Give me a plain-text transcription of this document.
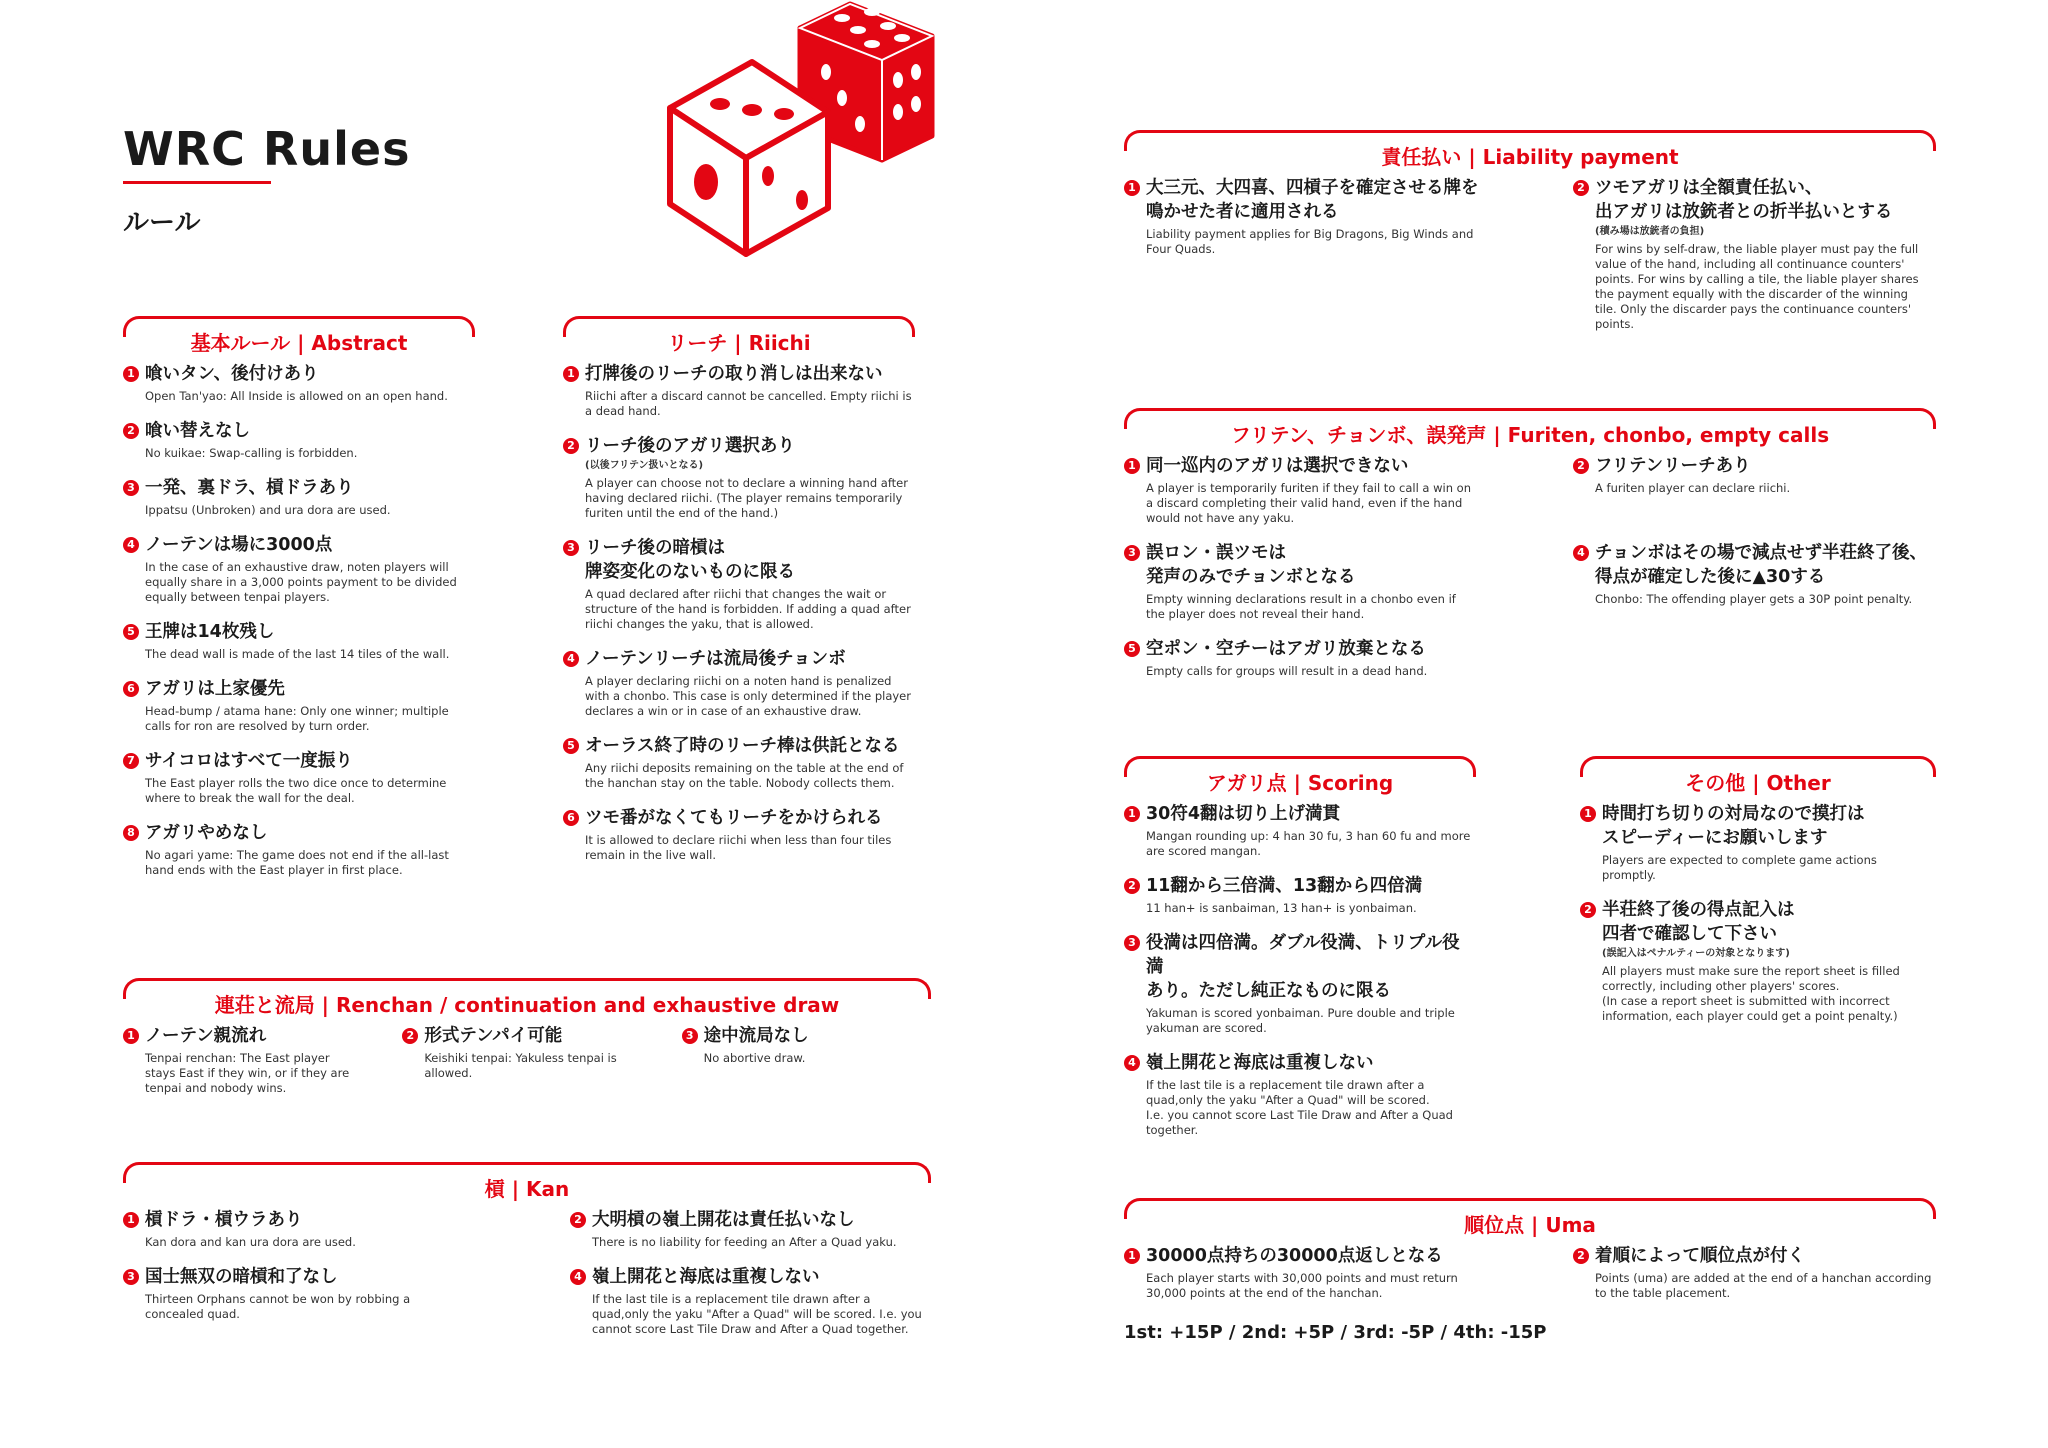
WRC Rules
ルール
基本ルール | Abstract
1 喰いタン、後付けあり
Open Tan'yao: All Inside is allowed on an open hand.
2 喰い替えなし
No kuikae: Swap-calling is forbidden.
3 一発、裏ドラ、槓ドラあり
Ippatsu (Unbroken) and ura dora are used.
4 ノーテンは場に3000点
In the case of an exhaustive draw, noten players will
equally share in a 3,000 points payment to be divided
equally between tenpai players.
5 王牌は14枚残し
The dead wall is made of the last 14 tiles of the wall.
6 アガリは上家優先
Head-bump / atama hane: Only one winner; multiple
calls for ron are resolved by turn order.
7 サイコロはすべて一度振り
The East player rolls the two dice once to determine
where to break the wall for the deal.
8 アガリやめなし
No agari yame: The game does not end if the all-last
hand ends with the East player in first place.
リーチ | Riichi
1 打牌後のリーチの取り消しは出来ない
Riichi after a discard cannot be cancelled. Empty riichi is
a dead hand.
2 リーチ後のアガリ選択あり
(以後フリテン扱いとなる)
A player can choose not to declare a winning hand after
having declared riichi. (The player remains temporarily
furiten until the end of the hand.)
3 リーチ後の暗槓は
牌姿変化のないものに限る
A quad declared after riichi that changes the wait or
structure of the hand is forbidden. If adding a quad after
riichi changes the yaku, that is allowed.
4 ノーテンリーチは流局後チョンボ
A player declaring riichi on a noten hand is penalized
with a chonbo. This case is only determined if the player
declares a win or in case of an exhaustive draw.
5 オーラス終了時のリーチ棒は供託となる
Any riichi deposits remaining on the table at the end of
the hanchan stay on the table. Nobody collects them.
6 ツモ番がなくてもリーチをかけられる
It is allowed to declare riichi when less than four tiles
remain in the live wall.
連荘と流局 | Renchan / continuation and exhaustive draw
1 ノーテン親流れ
Tenpai renchan: The East player
stays East if they win, or if they are
tenpai and nobody wins.
2 形式テンパイ可能
Keishiki tenpai: Yakuless tenpai is
allowed.
3 途中流局なし
No abortive draw.
槓 | Kan
1 槓ドラ・槓ウラあり
Kan dora and kan ura dora are used.
2 大明槓の嶺上開花は責任払いなし
There is no liability for feeding an After a Quad yaku.
3 国士無双の暗槓和了なし
Thirteen Orphans cannot be won by robbing a
concealed quad.
4 嶺上開花と海底は重複しない
If the last tile is a replacement tile drawn after a
quad,only the yaku "After a Quad" will be scored. I.e. you
cannot score Last Tile Draw and After a Quad together.
責任払い | Liability payment
1 大三元、大四喜、四槓子を確定させる牌を
鳴かせた者に適用される
Liability payment applies for Big Dragons, Big Winds and
Four Quads.
2 ツモアガリは全額責任払い、
出アガリは放銃者との折半払いとする
(積み場は放銃者の負担)
For wins by self-draw, the liable player must pay the full
value of the hand, including all continuance counters'
points. For wins by calling a tile, the liable player shares
the payment equally with the discarder of the winning
tile. Only the discarder pays the continuance counters'
points.
フリテン、チョンボ、誤発声 | Furiten, chonbo, empty calls
1 同一巡内のアガリは選択できない
A player is temporarily furiten if they fail to call a win on
a discard completing their valid hand, even if the hand
would not have any yaku.
2 フリテンリーチあり
A furiten player can declare riichi.
3 誤ロン・誤ツモは
発声のみでチョンボとなる
Empty winning declarations result in a chonbo even if
the player does not reveal their hand.
4 チョンボはその場で減点せず半荘終了後、
得点が確定した後に▲30する
Chonbo: The offending player gets a 30P point penalty.
5 空ポン・空チーはアガリ放棄となる
Empty calls for groups will result in a dead hand.
アガリ点 | Scoring
1 30符4翻は切り上げ満貫
Mangan rounding up: 4 han 30 fu, 3 han 60 fu and more
are scored mangan.
2 11翻から三倍満、13翻から四倍満
11 han+ is sanbaiman, 13 han+ is yonbaiman.
3 役満は四倍満。ダブル役満、トリプル役満
あり。ただし純正なものに限る
Yakuman is scored yonbaiman. Pure double and triple
yakuman are scored.
4 嶺上開花と海底は重複しない
If the last tile is a replacement tile drawn after a
quad,only the yaku "After a Quad" will be scored.
I.e. you cannot score Last Tile Draw and After a Quad
together.
その他 | Other
1 時間打ち切りの対局なので摸打は
スピーディーにお願いします
Players are expected to complete game actions
promptly.
2 半荘終了後の得点記入は
四者で確認して下さい
(誤記入はペナルティーの対象となります)
All players must make sure the report sheet is filled
correctly, including other players' scores.
(In case a report sheet is submitted with incorrect
information, each player could get a point penalty.)
順位点 | Uma
1 30000点持ちの30000点返しとなる
Each player starts with 30,000 points and must return
30,000 points at the end of the hanchan.
2 着順によって順位点が付く
Points (uma) are added at the end of a hanchan according
to the table placement.
1st: +15P / 2nd: +5P / 3rd: -5P / 4th: -15P
